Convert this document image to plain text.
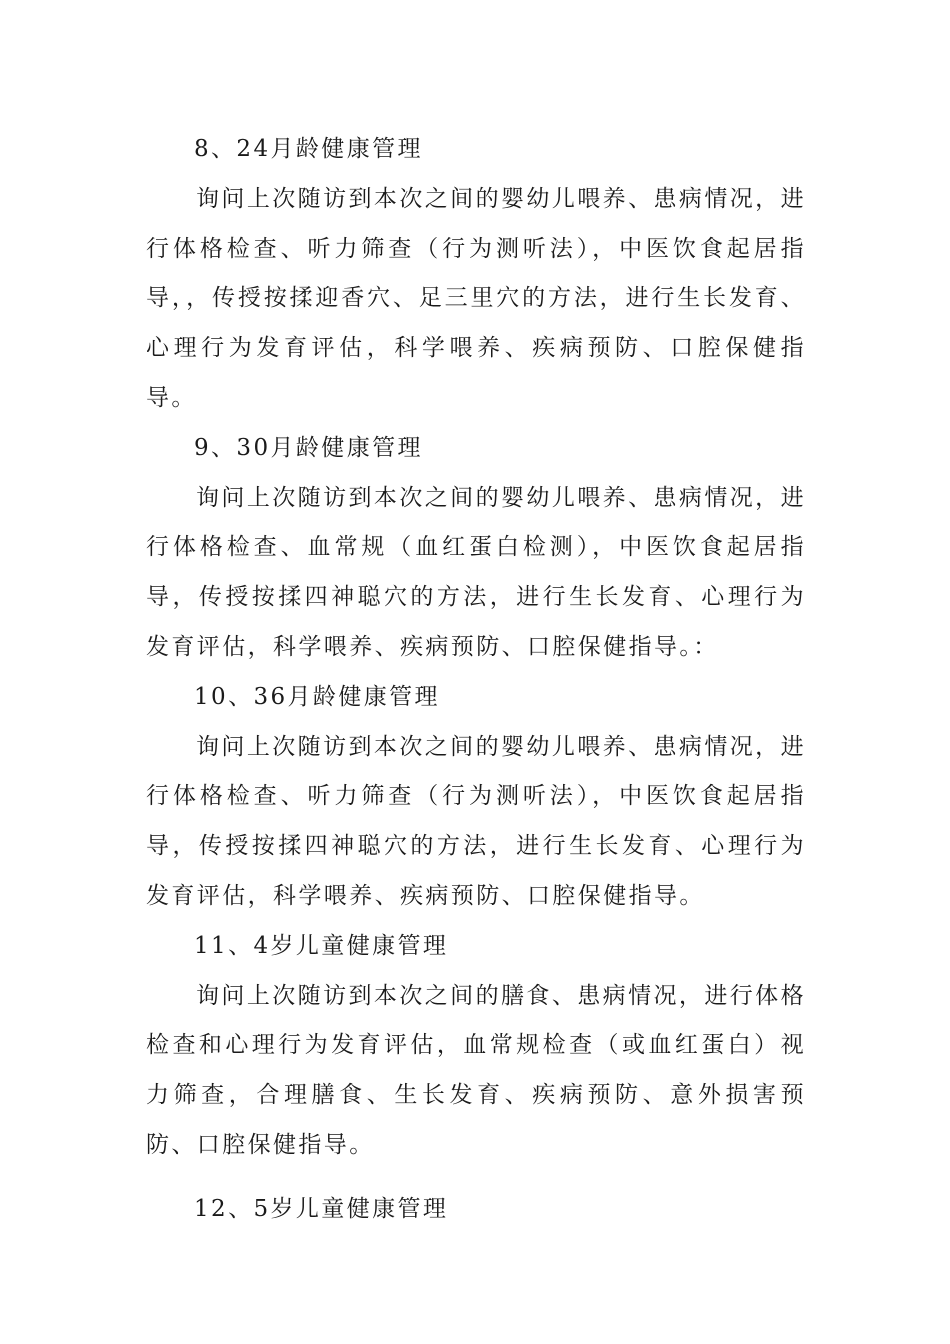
8、24月龄健康管理

询问上次随访到本次之间的婴幼儿喂养、患病情况，进行体格检查、听力筛查（行为测听法），中医饮食起居指导，，传授按揉迎香穴、足三里穴的方法，进行生长发育、心理行为发育评估，科学喂养、疾病预防、口腔保健指导。

9、30月龄健康管理

询问上次随访到本次之间的婴幼儿喂养、患病情况，进行体格检查、血常规（血红蛋白检测），中医饮食起居指导，传授按揉四神聪穴的方法，进行生长发育、心理行为发育评估，科学喂养、疾病预防、口腔保健指导。：

10、36月龄健康管理

询问上次随访到本次之间的婴幼儿喂养、患病情况，进行体格检查、听力筛查（行为测听法），中医饮食起居指导，传授按揉四神聪穴的方法，进行生长发育、心理行为发育评估，科学喂养、疾病预防、口腔保健指导。

11、4岁儿童健康管理

询问上次随访到本次之间的膳食、患病情况，进行体格检查和心理行为发育评估，血常规检查（或血红蛋白）视力筛查，合理膳食、生长发育、疾病预防、意外损害预防、口腔保健指导。

12、5岁儿童健康管理
